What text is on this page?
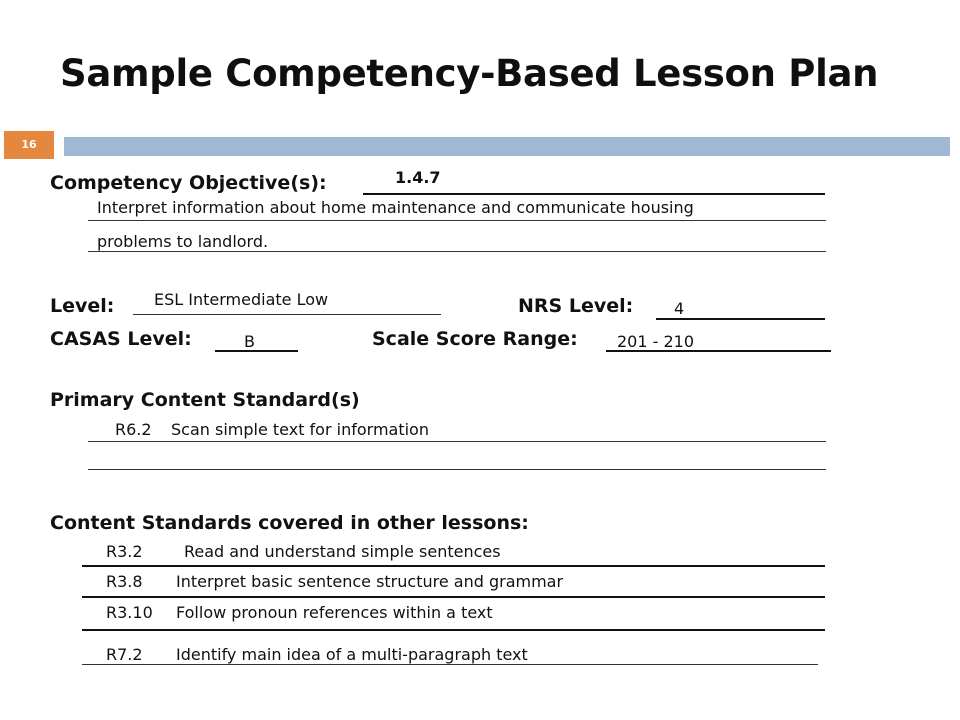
Sample Competency-Based Lesson Plan
16
Competency Objective(s):	1.4.7
Interpret information about home maintenance and communicate housing
problems to landlord.
Level: ESL Intermediate Low	NRS Level:	4
CASAS Level:	B	Scale Score Range: 201 - 210
Primary Content Standard(s)
R6.2 Scan simple text for information
Content Standards covered in other lessons:
R3.2	Read and understand simple sentences
R3.8 Interpret basic sentence structure and grammar
R3.10 Follow pronoun references within a text
R7.2 Identify main idea of a multi-paragraph text
